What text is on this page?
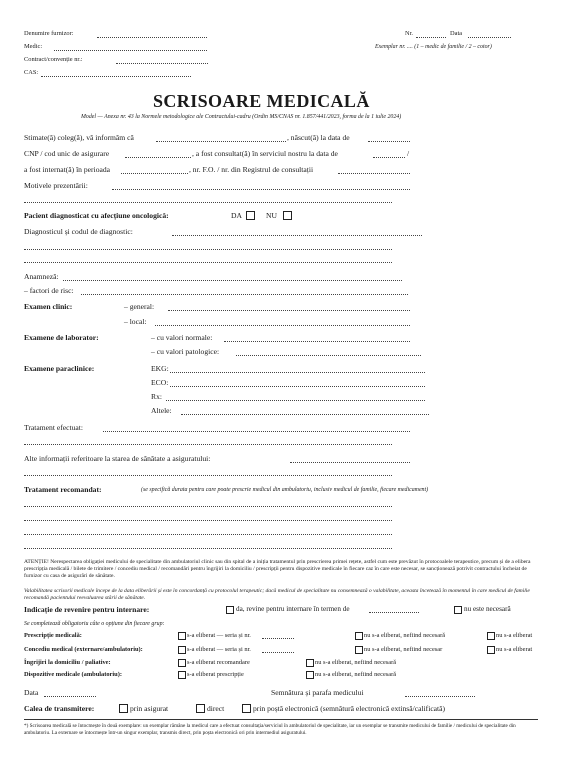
Denumire furnizor:
Medic:
Contract/convenție nr.:
CAS:
Nr.	Data
Exemplar nr. .... (1 – medic de familie / 2 – cotor)
SCRISOARE MEDICALĂ
Model — Anexa nr. 43 la Normele metodologice ale Contractului-cadru (Ordin MS/CNAS nr. 1.857/441/2023, forma de la 1 iulie 2024)
Stimate(ă) coleg(ă), vă informăm că	, născut(ă) la data de
CNP / cod unic de asigurare	, a fost consultat(ă) în serviciul nostru la data de	/
a fost internat(ă) în perioada	, nr. F.O. / nr. din Registrul de consultații
Motivele prezentării:
Pacient diagnosticat cu afecțiune oncologică:	DA	NU
Diagnosticul și codul de diagnostic:
Anamneză:
– factori de risc:
Examen clinic:	– general:
– local:
Examene de laborator:	– cu valori normale:
– cu valori patologice:
Examene paraclinice:	EKG:
ECO:
Rx:
Altele:
Tratament efectuat:
Alte informații referitoare la starea de sănătate a asiguratului:
Tratament recomandat:	(se specifică durata pentru care poate prescrie medicul din ambulatoriu, inclusiv medicul de familie, fiecare medicament)
ATENȚIE! Nerespectarea obligației medicului de specialitate din ambulatoriul clinic sau din spital de a iniția tratamentul prin prescrierea primei rețete, astfel cum este prevăzut în protocoalele terapeutice, precum și de a elibera prescripția medicală / bilete de trimitere / concediu medical / recomandări pentru îngrijiri la domiciliu / prescripții pentru dispozitive medicale în fiecare caz în care este necesar, se sancționează potrivit contractului încheiat de furnizor cu casa de asigurări de sănătate.
Valabilitatea scrisorii medicale începe de la data eliberării și este în concordanță cu protocolul terapeutic; dacă medicul de specialitate nu consemnează o valabilitate, aceasta încetează în momentul în care medicul de familie recomandă pacientului reevaluarea stării de sănătate.
Indicație de revenire pentru internare:	da, revine pentru internare în termen de	nu este necesară
Se completează obligatoriu câte o opțiune din fiecare grup:
Prescripție medicală:	s-a eliberat — seria și nr.	nu s-a eliberat, nefiind necesară	nu s-a eliberat
Concediu medical (externare/ambulatoriu):	s-a eliberat — seria și nr.	nu s-a eliberat, nefiind necesar	nu s-a eliberat
Îngrijiri la domiciliu / paliative:	s-a eliberat recomandare	nu s-a eliberat, nefiind necesară
Dispozitive medicale (ambulatoriu):	s-a eliberat prescripție	nu s-a eliberat, nefiind necesară
Data	Semnătura și parafa medicului
Calea de transmitere:	prin asigurat	direct	prin poștă electronică (semnătură electronică extinsă/calificată)
*) Scrisoarea medicală se întocmește în două exemplare: un exemplar rămâne la medicul care a efectuat consultația/serviciul în ambulatoriul de specialitate, iar un exemplar se transmite medicului de familie / medicului de specialitate din ambulatoriu. La externare se întocmește într-un singur exemplar, transmis direct, prin poșta electronică ori prin intermediul asiguratului.
